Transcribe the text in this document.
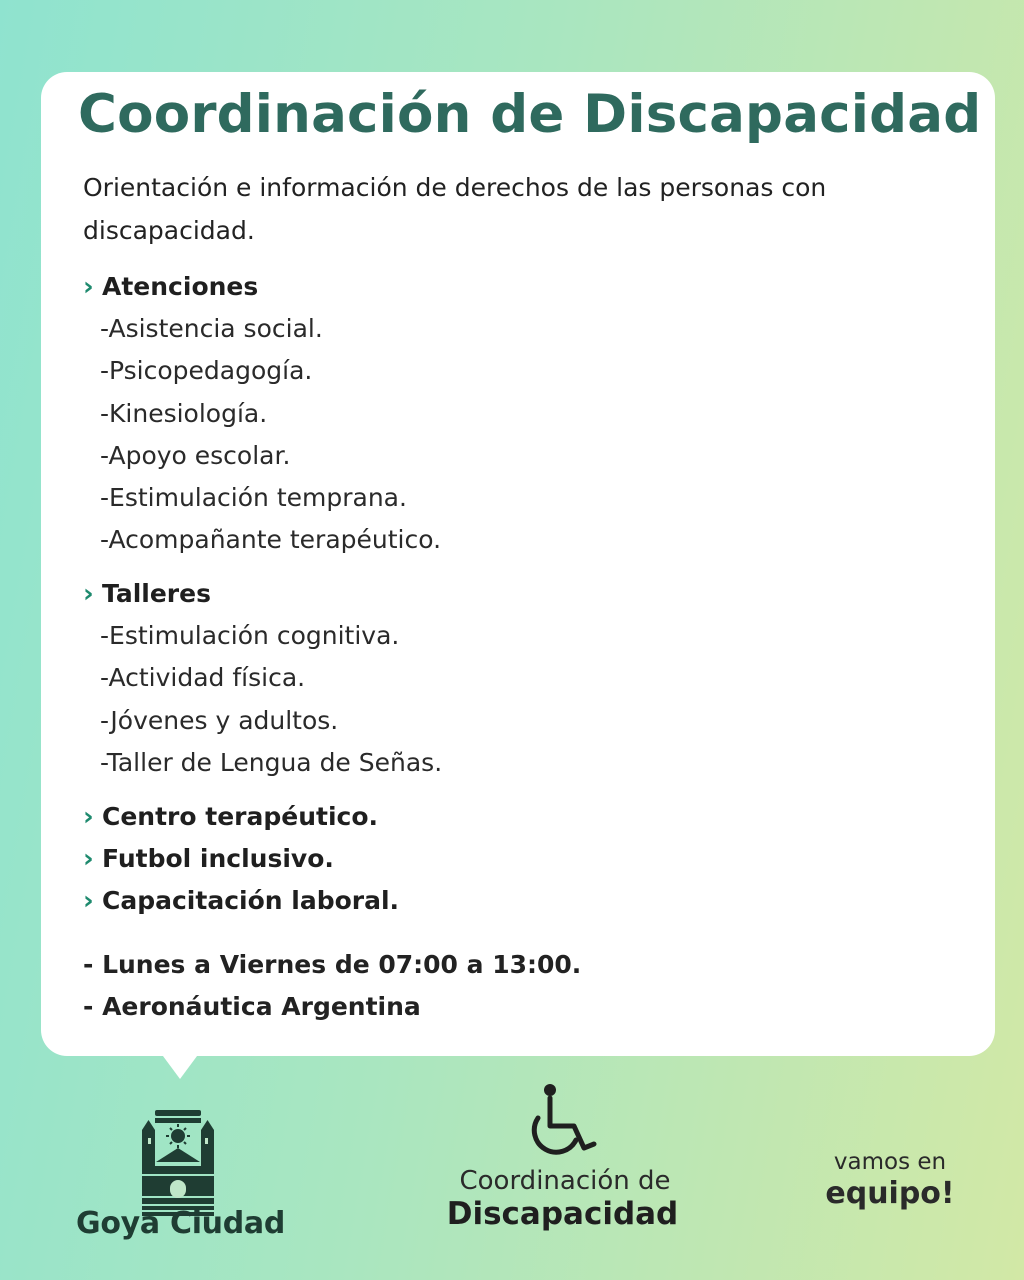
Coordinación de Discapacidad

Orientación e información de derechos de las personas con discapacidad.

› Atenciones
-Asistencia social.
-Psicopedagogía.
-Kinesiología.
-Apoyo escolar.
-Estimulación temprana.
-Acompañante terapéutico.
› Talleres
-Estimulación cognitiva.
-Actividad física.
-Jóvenes y adultos.
-Taller de Lengua de Señas.
› Centro terapéutico.
› Futbol inclusivo.
› Capacitación laboral.
- Lunes a Viernes de 07:00 a 13:00.
- Aeronáutica Argentina
Goya Ciudad
Coordinación de
Discapacidad
vamos en
equipo!
